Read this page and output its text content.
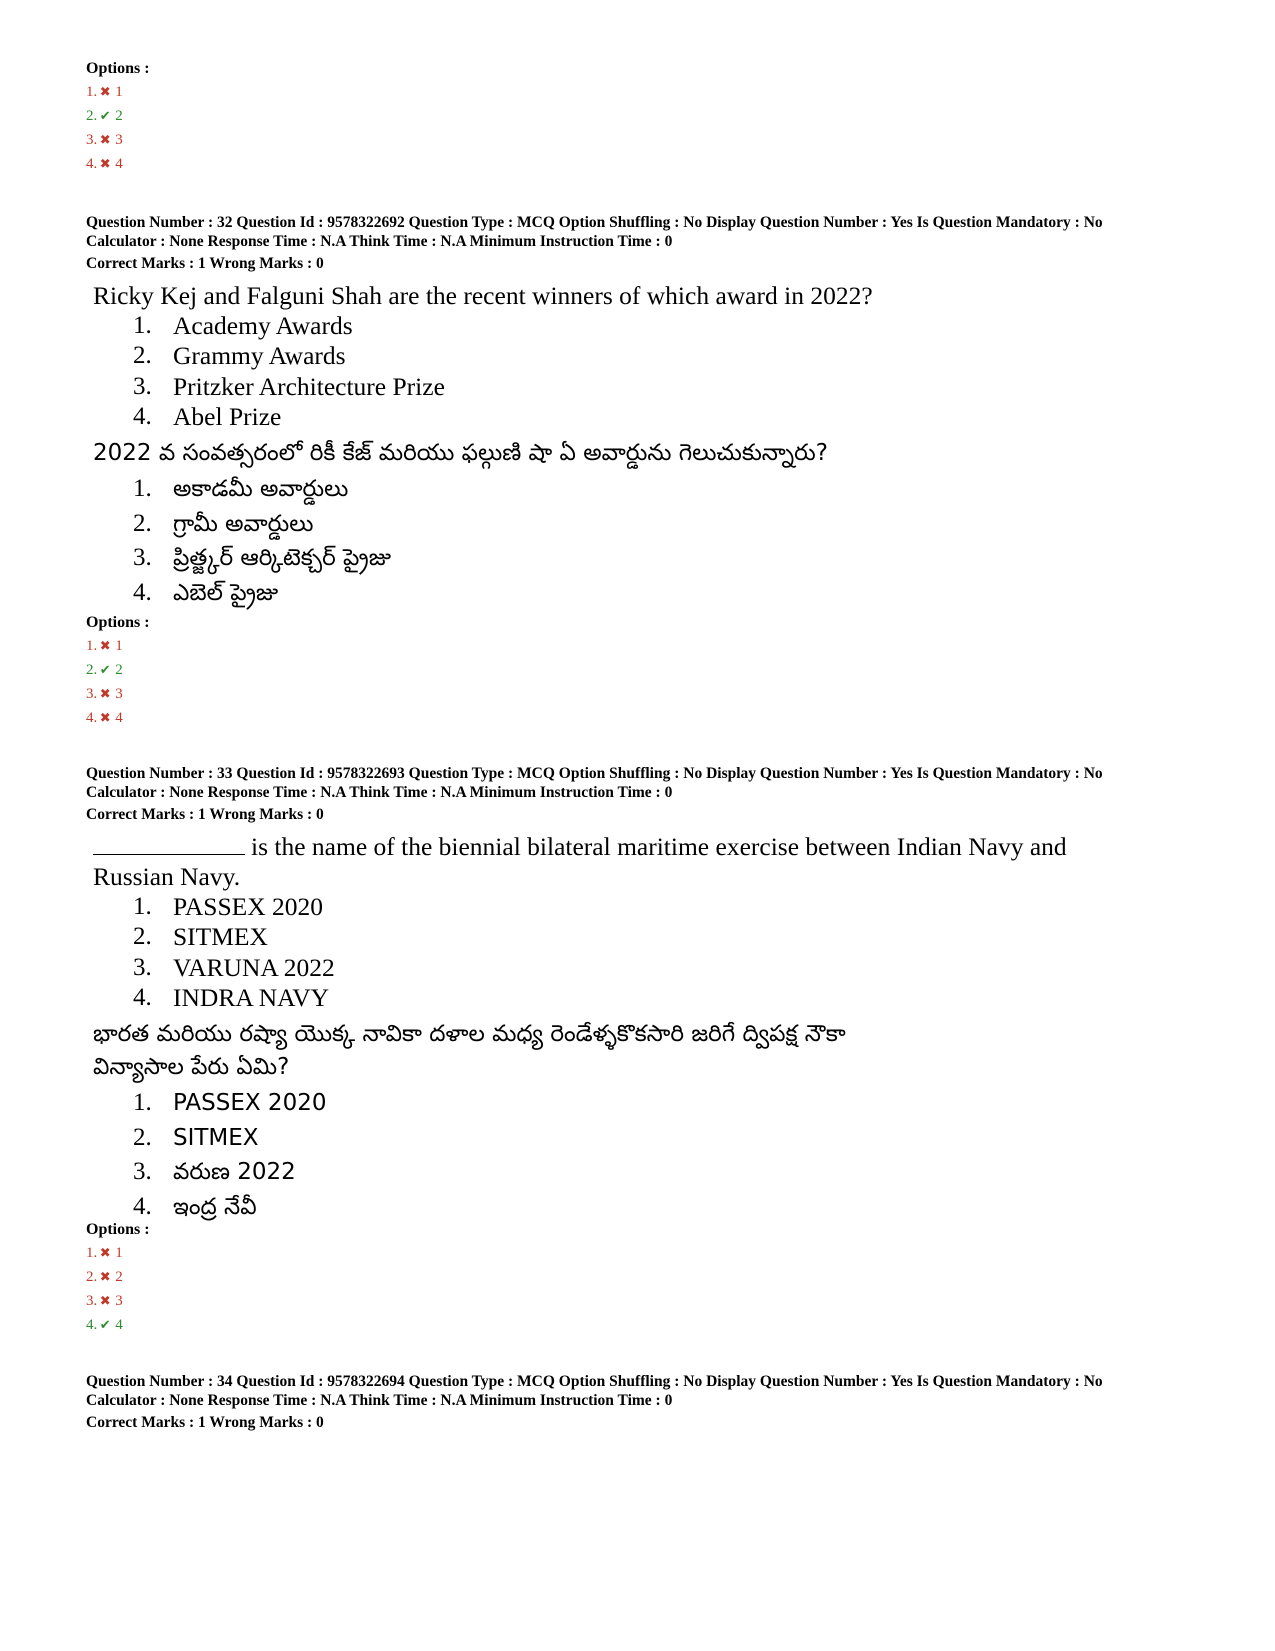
Options :
1. ✖ 1
2. ✔ 2
3. ✖ 3
4. ✖ 4
Question Number : 32 Question Id : 9578322692 Question Type : MCQ Option Shuffling : No Display Question Number : Yes Is Question Mandatory : No
Calculator : None Response Time : N.A Think Time : N.A Minimum Instruction Time : 0
Correct Marks : 1 Wrong Marks : 0
Ricky Kej and Falguni Shah are the recent winners of which award in 2022?
1. Academy Awards
2. Grammy Awards
3. Pritzker Architecture Prize
4. Abel Prize
2022 వ సంవత్సరంలో రికీ కేజ్ మరియు ఫల్గుణి షా ఏ అవార్డును గెలుచుకున్నారు?
1. అకాడమీ అవార్డులు
2. గ్రామీ అవార్డులు
3. ప్రిత్జ్కర్ ఆర్కిటెక్చర్ ప్రైజు
4. ఎబెల్ ప్రైజు
Options :
1. ✖ 1
2. ✔ 2
3. ✖ 3
4. ✖ 4
Question Number : 33 Question Id : 9578322693 Question Type : MCQ Option Shuffling : No Display Question Number : Yes Is Question Mandatory : No
Calculator : None Response Time : N.A Think Time : N.A Minimum Instruction Time : 0
Correct Marks : 1 Wrong Marks : 0
is the name of the biennial bilateral maritime exercise between Indian Navy and
Russian Navy.
1. PASSEX 2020
2. SITMEX
3. VARUNA 2022
4. INDRA NAVY
భారత మరియు రష్యా యొక్క నావికా దళాల మధ్య రెండేళ్ళకొకసారి జరిగే ద్విపక్ష నౌకా
విన్యాసాల పేరు ఏమి?
1. PASSEX 2020
2. SITMEX
3. వరుణ 2022
4. ఇంద్ర నేవీ
Options :
1. ✖ 1
2. ✖ 2
3. ✖ 3
4. ✔ 4
Question Number : 34 Question Id : 9578322694 Question Type : MCQ Option Shuffling : No Display Question Number : Yes Is Question Mandatory : No
Calculator : None Response Time : N.A Think Time : N.A Minimum Instruction Time : 0
Correct Marks : 1 Wrong Marks : 0
